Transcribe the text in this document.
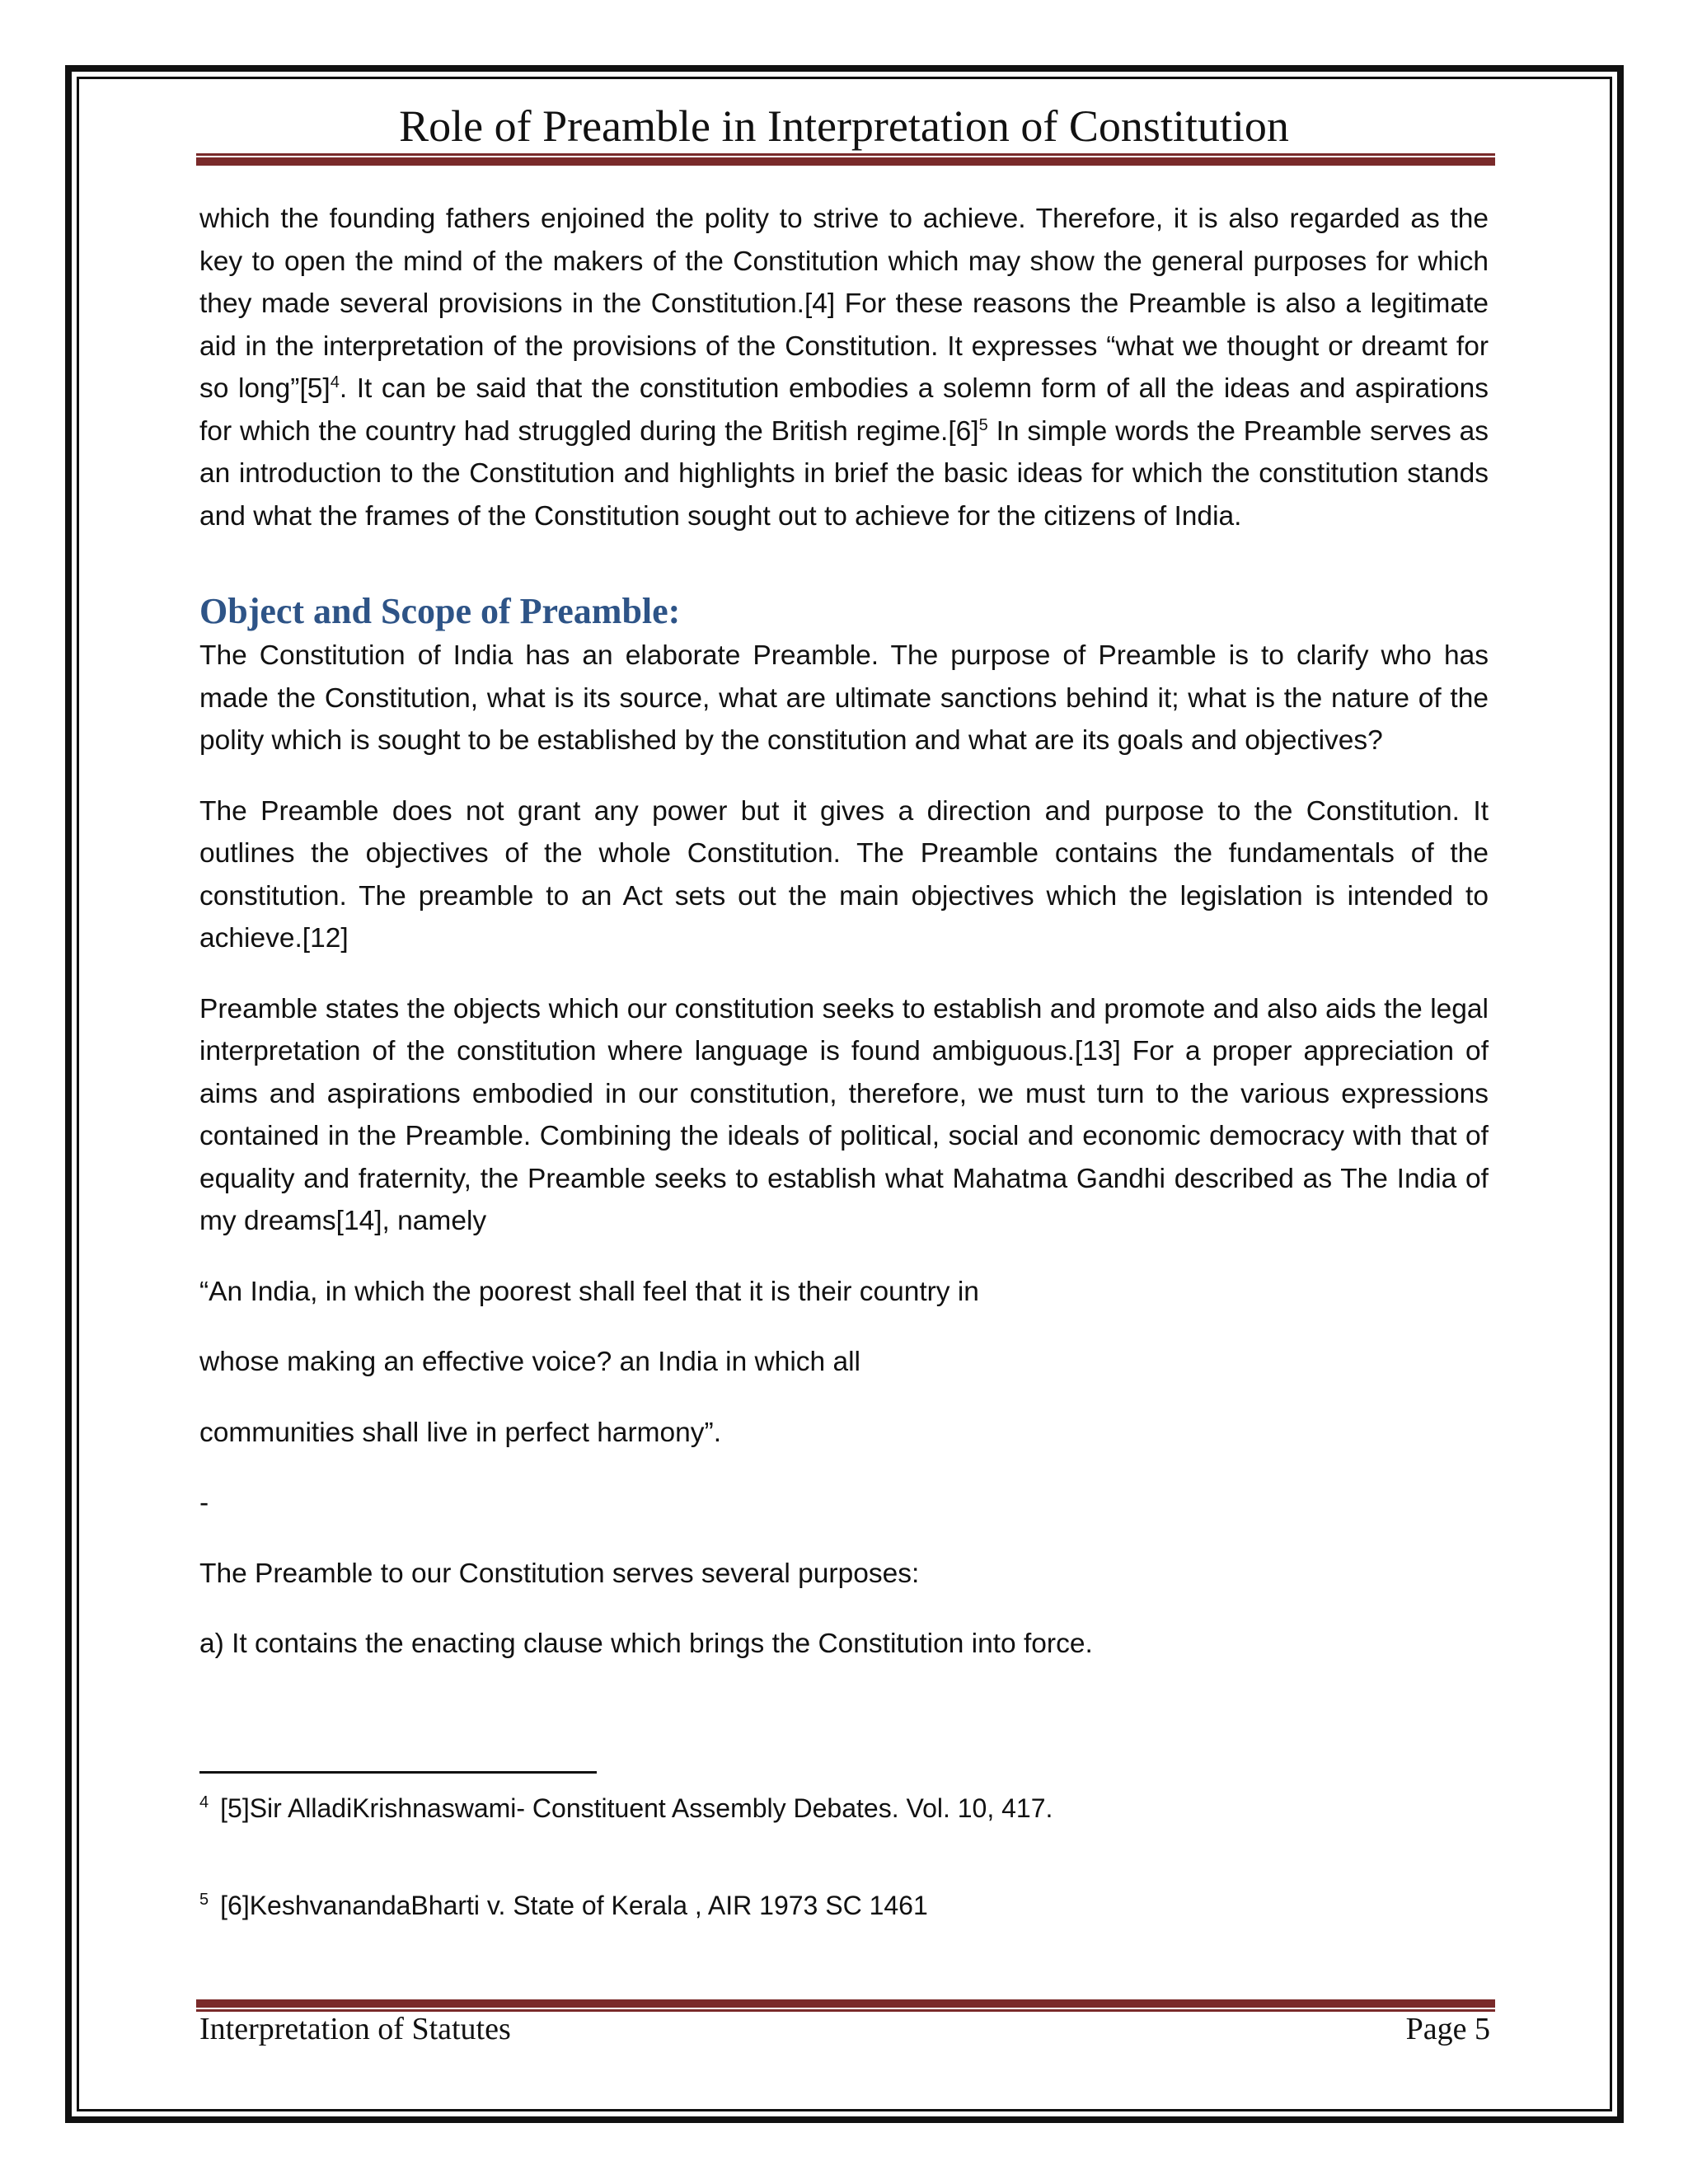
Role of Preamble in Interpretation of Constitution

which the founding fathers enjoined the polity to strive to achieve. Therefore, it is also regarded as the key to open the mind of the makers of the Constitution which may show the general purposes for which they made several provisions in the Constitution.[4] For these reasons the Preamble is also a legitimate aid in the interpretation of the provisions of the Constitution. It expresses “what we thought or dreamt for so $long”[5]^4$. It can be said that the constitution embodies a solemn form of all the ideas and aspirations for which the country had struggled during the British $regime.[6]^5$ In simple words the Preamble serves as an introduction to the Constitution and highlights in brief the basic ideas for which the constitution stands and what the frames of the Constitution sought out to achieve for the citizens of India.

Object and Scope of Preamble:

The Constitution of India has an elaborate Preamble. The purpose of Preamble is to clarify who has made the Constitution, what is its source, what are ultimate sanctions behind it; what is the nature of the polity which is sought to be established by the constitution and what are its goals and objectives?

The Preamble does not grant any power but it gives a direction and purpose to the Constitution. It outlines the objectives of the whole Constitution. The Preamble contains the fundamentals of the constitution. The preamble to an Act sets out the main objectives which the legislation is intended to achieve.[12]

Preamble states the objects which our constitution seeks to establish and promote and also aids the legal interpretation of the constitution where language is found ambiguous.[13] For a proper appreciation of aims and aspirations embodied in our constitution, therefore, we must turn to the various expressions contained in the Preamble. Combining the ideals of political, social and economic democracy with that of equality and fraternity, the Preamble seeks to establish what Mahatma Gandhi described as The India of my dreams[14], namely

“An India, in which the poorest shall feel that it is their country in

whose making an effective voice? an India in which all

communities shall live in perfect harmony”.

-

The Preamble to our Constitution serves several purposes:

a) It contains the enacting clause which brings the Constitution into force.

$^4$ [5]Sir AlladiKrishnaswami- Constituent Assembly Debates. Vol. 10, 417.
$^5$ [6]KeshvanandaBharti v. State of Kerala , AIR 1973 SC 1461
Interpretation of Statutes	Page 5
